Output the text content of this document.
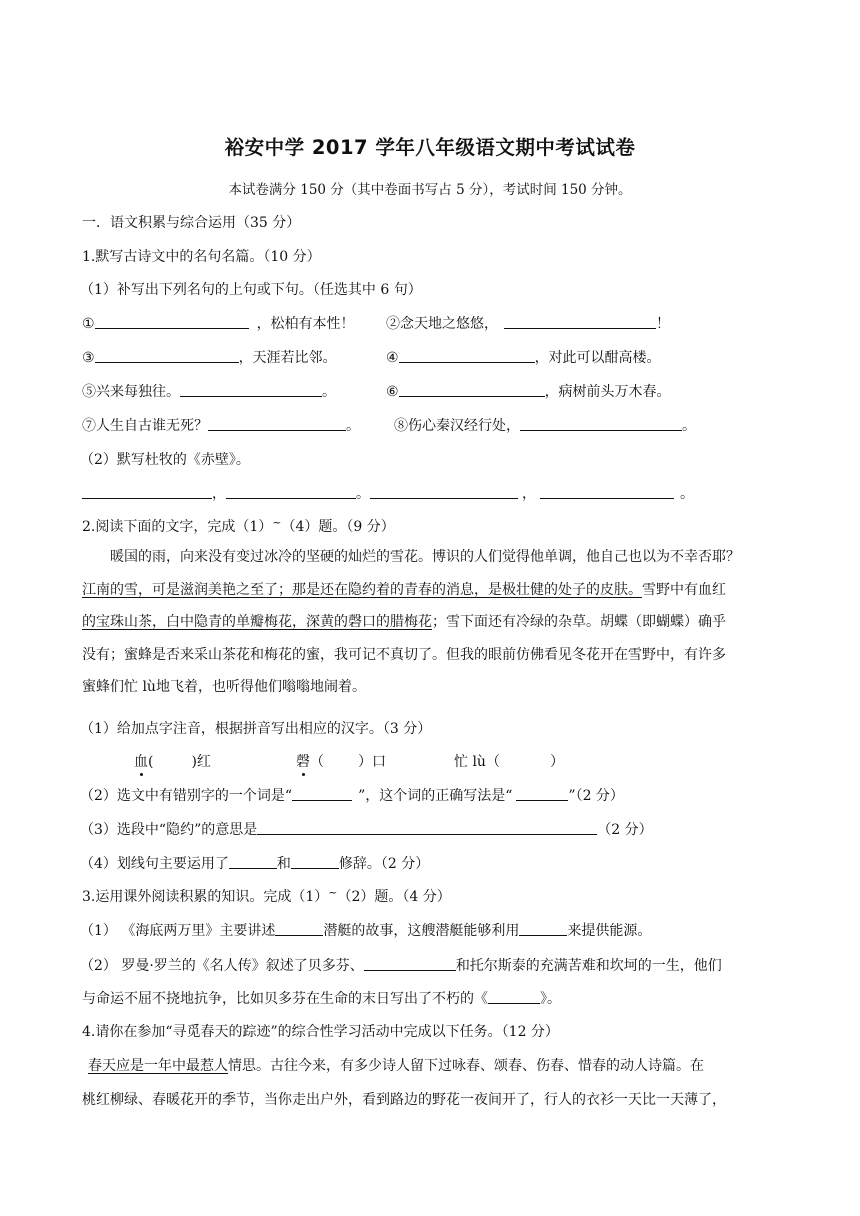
裕安中学 2017 学年八年级语文期中考试试卷
本试卷满分 150 分（其中卷面书写占 5 分），考试时间 150 分钟。
一．语文积累与综合运用（35 分）
1.默写古诗文中的名句名篇。（10 分）
（1）补写出下列名句的上句或下句。（任选其中 6 句）
①	，松柏有本性！ ②念天地之悠悠，	！
③	，天涯若比邻。	④	，对此可以酣高楼。
⑤兴来每独往。	。	⑥	，病树前头万木春。
⑦人生自古谁无死？	。 ⑧伤心秦汉经行处，	。
（2）默写杜牧的《赤壁》。
，	。	，	。
2.阅读下面的文字，完成（1）~（4）题。（9 分）
暖国的雨，向来没有变过冰冷的坚硬的灿烂的雪花。博识的人们觉得他单调，他自己也以为不幸否耶？
江南的雪，可是滋润美艳之至了；那是还在隐约着的青春的消息，是极壮健的处子的皮肤。雪野中有血红
的宝珠山茶，白中隐青的单瓣梅花，深黄的磬口的腊梅花；雪下面还有冷绿的杂草。胡蝶（即蝴蝶）确乎
没有；蜜蜂是否来采山茶花和梅花的蜜，我可记不真切了。但我的眼前仿佛看见冬花开在雪野中，有许多
蜜蜂们忙 lù地飞着，也听得他们嗡嗡地闹着。
（1）给加点字注音，根据拼音写出相应的汉字。（3 分）
血(	)红	磬（ ）口	忙 lù（	）
（2）选文中有错别字的一个词是“	”，这个词的正确写法是“	”（2 分）
（3）选段中“隐约”的意思是	（2 分）
（4）划线句主要运用了	和	修辞。（2 分）
3.运用课外阅读积累的知识。完成（1）~（2）题。（4 分）
（1） 《海底两万里》主要讲述	潜艇的故事，这艘潜艇能够利用	来提供能源。
（2） 罗曼·罗兰的《名人传》叙述了贝多芬、	和托尔斯泰的充满苦难和坎坷的一生，他们
与命运不屈不挠地抗争，比如贝多芬在生命的末日写出了不朽的《	》。
4.请你在参加“寻觅春天的踪迹”的综合性学习活动中完成以下任务。（12 分）
春天应是一年中最惹人情思。古往今来，有多少诗人留下过咏春、颂春、伤春、惜春的动人诗篇。在
桃红柳绿、春暖花开的季节，当你走出户外，看到路边的野花一夜间开了，行人的衣衫一天比一天薄了，
